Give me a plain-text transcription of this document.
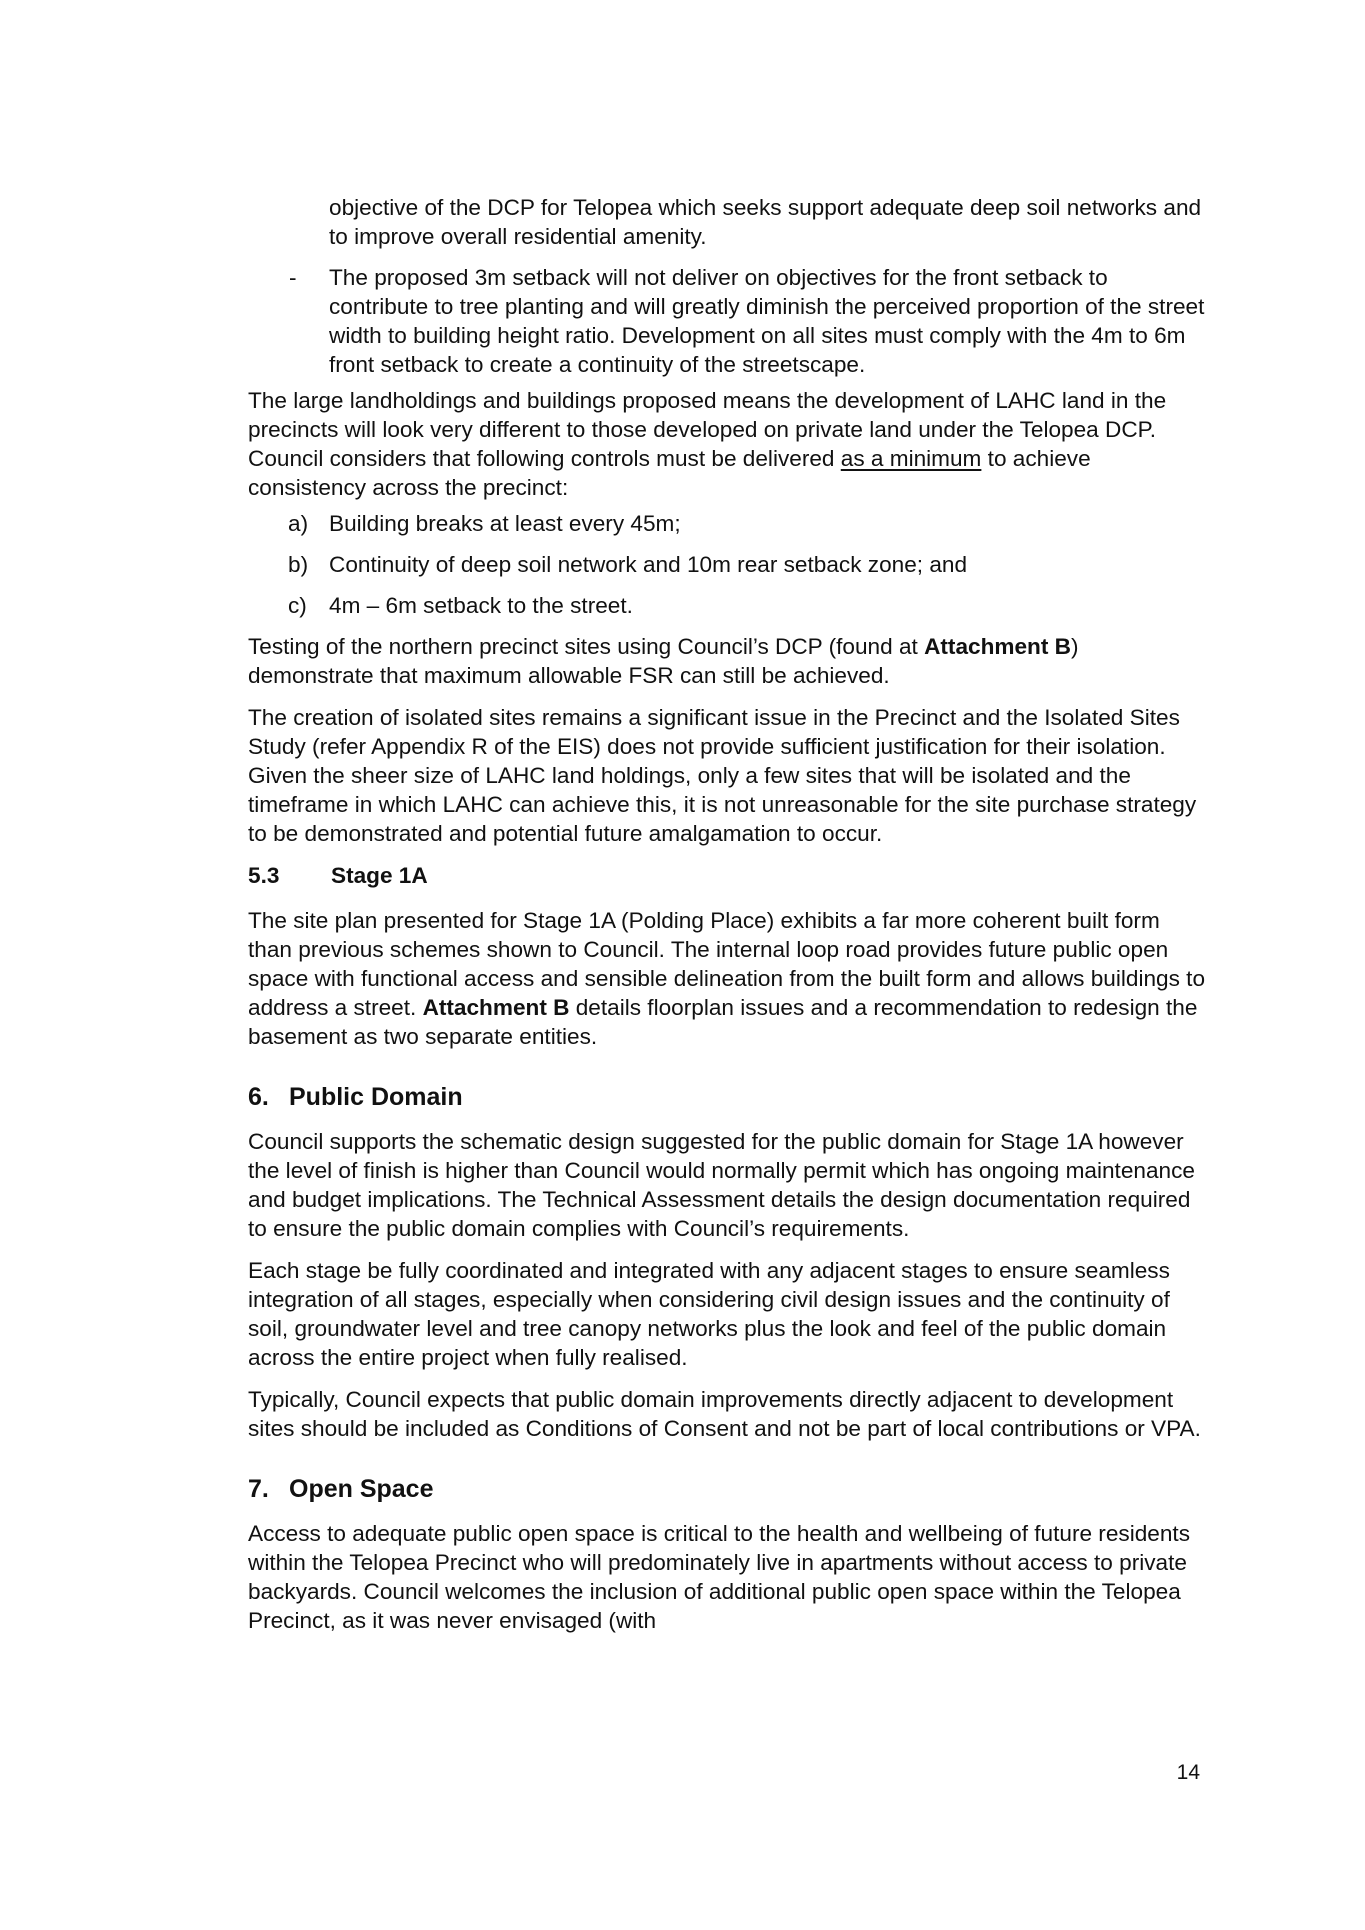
objective of the DCP for Telopea which seeks support adequate deep soil networks and to improve overall residential amenity.

- The proposed 3m setback will not deliver on objectives for the front setback to contribute to tree planting and will greatly diminish the perceived proportion of the street width to building height ratio. Development on all sites must comply with the 4m to 6m front setback to create a continuity of the streetscape.

The large landholdings and buildings proposed means the development of LAHC land in the precincts will look very different to those developed on private land under the Telopea DCP. Council considers that following controls must be delivered as a minimum to achieve consistency across the precinct:

a) Building breaks at least every 45m;
b) Continuity of deep soil network and 10m rear setback zone; and
c) 4m – 6m setback to the street.

Testing of the northern precinct sites using Council’s DCP (found at Attachment B) demonstrate that maximum allowable FSR can still be achieved.

The creation of isolated sites remains a significant issue in the Precinct and the Isolated Sites Study (refer Appendix R of the EIS) does not provide sufficient justification for their isolation. Given the sheer size of LAHC land holdings, only a few sites that will be isolated and the timeframe in which LAHC can achieve this, it is not unreasonable for the site purchase strategy to be demonstrated and potential future amalgamation to occur.

5.3 Stage 1A

The site plan presented for Stage 1A (Polding Place) exhibits a far more coherent built form than previous schemes shown to Council. The internal loop road provides future public open space with functional access and sensible delineation from the built form and allows buildings to address a street. Attachment B details floorplan issues and a recommendation to redesign the basement as two separate entities.

6. Public Domain

Council supports the schematic design suggested for the public domain for Stage 1A however the level of finish is higher than Council would normally permit which has ongoing maintenance and budget implications. The Technical Assessment details the design documentation required to ensure the public domain complies with Council’s requirements.

Each stage be fully coordinated and integrated with any adjacent stages to ensure seamless integration of all stages, especially when considering civil design issues and the continuity of soil, groundwater level and tree canopy networks plus the look and feel of the public domain across the entire project when fully realised.

Typically, Council expects that public domain improvements directly adjacent to development sites should be included as Conditions of Consent and not be part of local contributions or VPA.

7. Open Space

Access to adequate public open space is critical to the health and wellbeing of future residents within the Telopea Precinct who will predominately live in apartments without access to private backyards. Council welcomes the inclusion of additional public open space within the Telopea Precinct, as it was never envisaged (with

14
